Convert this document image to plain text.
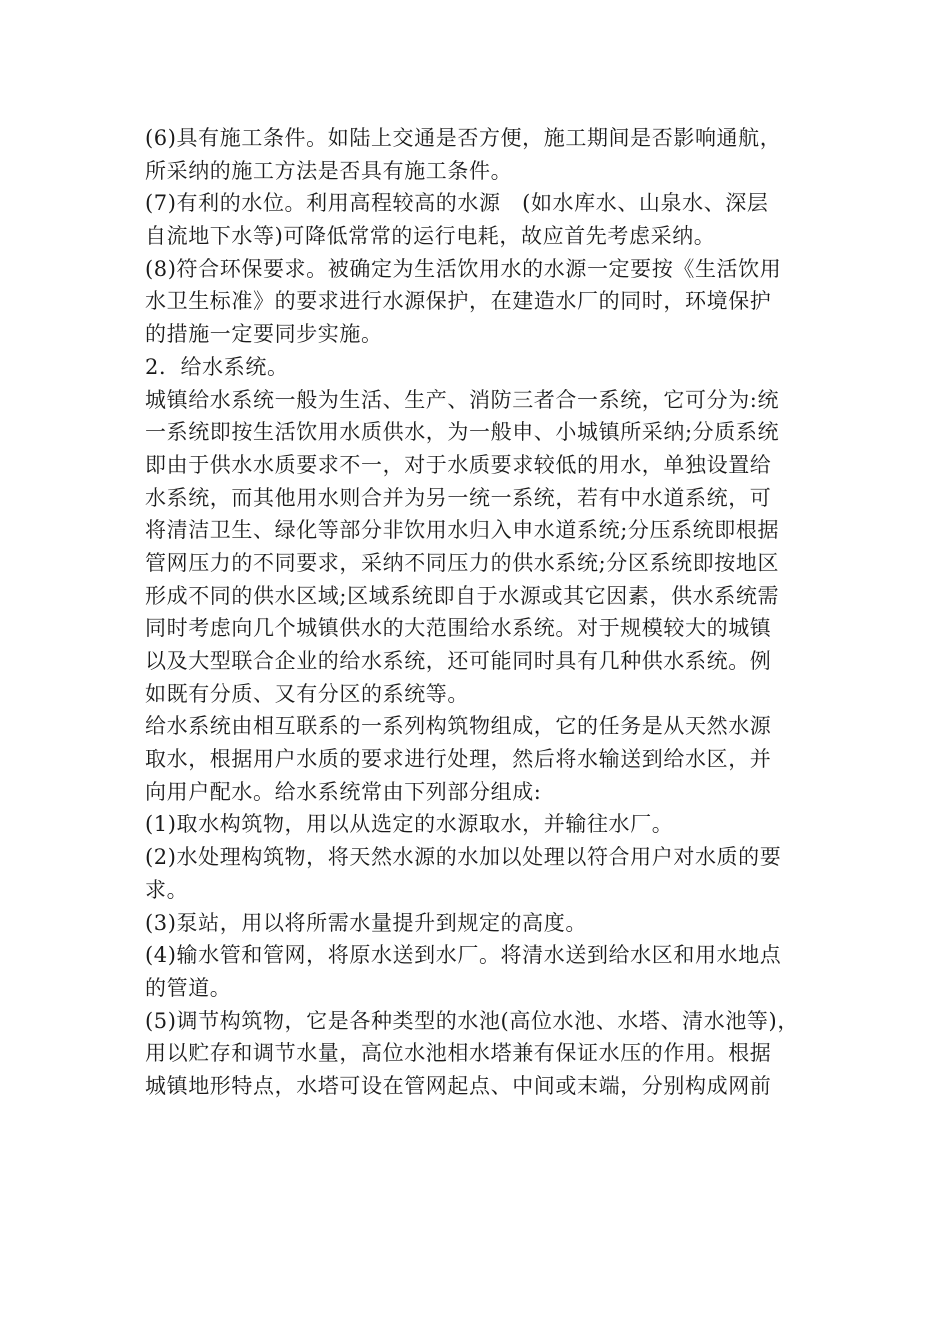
(6)具有施工条件。如陆上交通是否方便，施工期间是否影响通航，
所采纳的施工方法是否具有施工条件。
(7)有利的水位。利用高程较高的水源　(如水库水、山泉水、深层
自流地下水等)可降低常常的运行电耗，故应首先考虑采纳。
(8)符合环保要求。被确定为生活饮用水的水源一定要按《生活饮用
水卫生标准》的要求进行水源保护，在建造水厂的同时，环境保护
的措施一定要同步实施。
2．给水系统。
城镇给水系统一般为生活、生产、消防三者合一系统，它可分为:统
一系统即按生活饮用水质供水，为一般申、小城镇所采纳;分质系统
即由于供水水质要求不一，对于水质要求较低的用水，单独设置给
水系统，而其他用水则合并为另一统一系统，若有中水道系统，可
将清洁卫生、绿化等部分非饮用水归入申水道系统;分压系统即根据
管网压力的不同要求，采纳不同压力的供水系统;分区系统即按地区
形成不同的供水区域;区域系统即自于水源或其它因素，供水系统需
同时考虑向几个城镇供水的大范围给水系统。对于规模较大的城镇
以及大型联合企业的给水系统，还可能同时具有几种供水系统。例
如既有分质、又有分区的系统等。
给水系统由相互联系的一系列构筑物组成，它的任务是从天然水源
取水，根据用户水质的要求进行处理，然后将水输送到给水区，并
向用户配水。给水系统常由下列部分组成:
(1)取水构筑物，用以从选定的水源取水，并输往水厂。
(2)水处理构筑物，将天然水源的水加以处理以符合用户对水质的要
求。
(3)泵站，用以将所需水量提升到规定的高度。
(4)输水管和管网，将原水送到水厂。将清水送到给水区和用水地点
的管道。
(5)调节构筑物，它是各种类型的水池(高位水池、水塔、清水池等)，
用以贮存和调节水量，高位水池相水塔兼有保证水压的作用。根据
城镇地形特点，水塔可设在管网起点、中间或末端，分别构成网前
